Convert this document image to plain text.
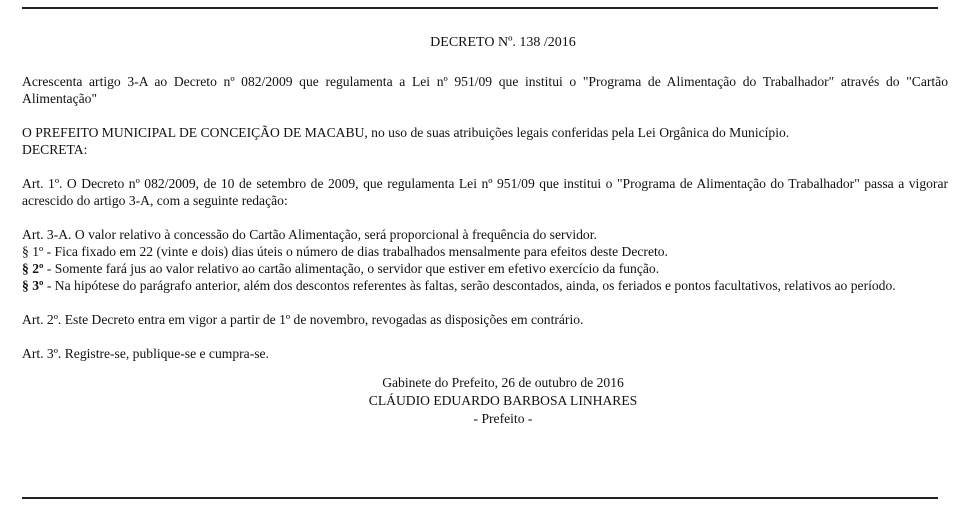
DECRETO Nº. 138 /2016

Acrescenta artigo 3-A ao Decreto nº 082/2009 que regulamenta a Lei nº 951/09 que institui o "Programa de Alimentação do Trabalhador" através do "Cartão Alimentação"

O PREFEITO MUNICIPAL DE CONCEIÇÃO DE MACABU, no uso de suas atribuições legais conferidas pela Lei Orgânica do Município.

DECRETA:

Art. 1º. O Decreto nº 082/2009, de 10 de setembro de 2009, que regulamenta Lei nº 951/09 que institui o "Programa de Alimentação do Trabalhador" passa a vigorar acrescido do artigo 3-A, com a seguinte redação:

Art. 3-A. O valor relativo à concessão do Cartão Alimentação, será proporcional à frequência do servidor.

§ 1º - Fica fixado em 22 (vinte e dois) dias úteis o número de dias trabalhados mensalmente para efeitos deste Decreto.

§ 2º - Somente fará jus ao valor relativo ao cartão alimentação, o servidor que estiver em efetivo exercício da função.

§ 3º - Na hipótese do parágrafo anterior, além dos descontos referentes às faltas, serão descontados, ainda, os feriados e pontos facultativos, relativos ao período.

Art. 2º. Este Decreto entra em vigor a partir de 1º de novembro, revogadas as disposições em contrário.

Art. 3º. Registre-se, publique-se e cumpra-se.

Gabinete do Prefeito, 26 de outubro de 2016
CLÁUDIO EDUARDO BARBOSA LINHARES
- Prefeito -
